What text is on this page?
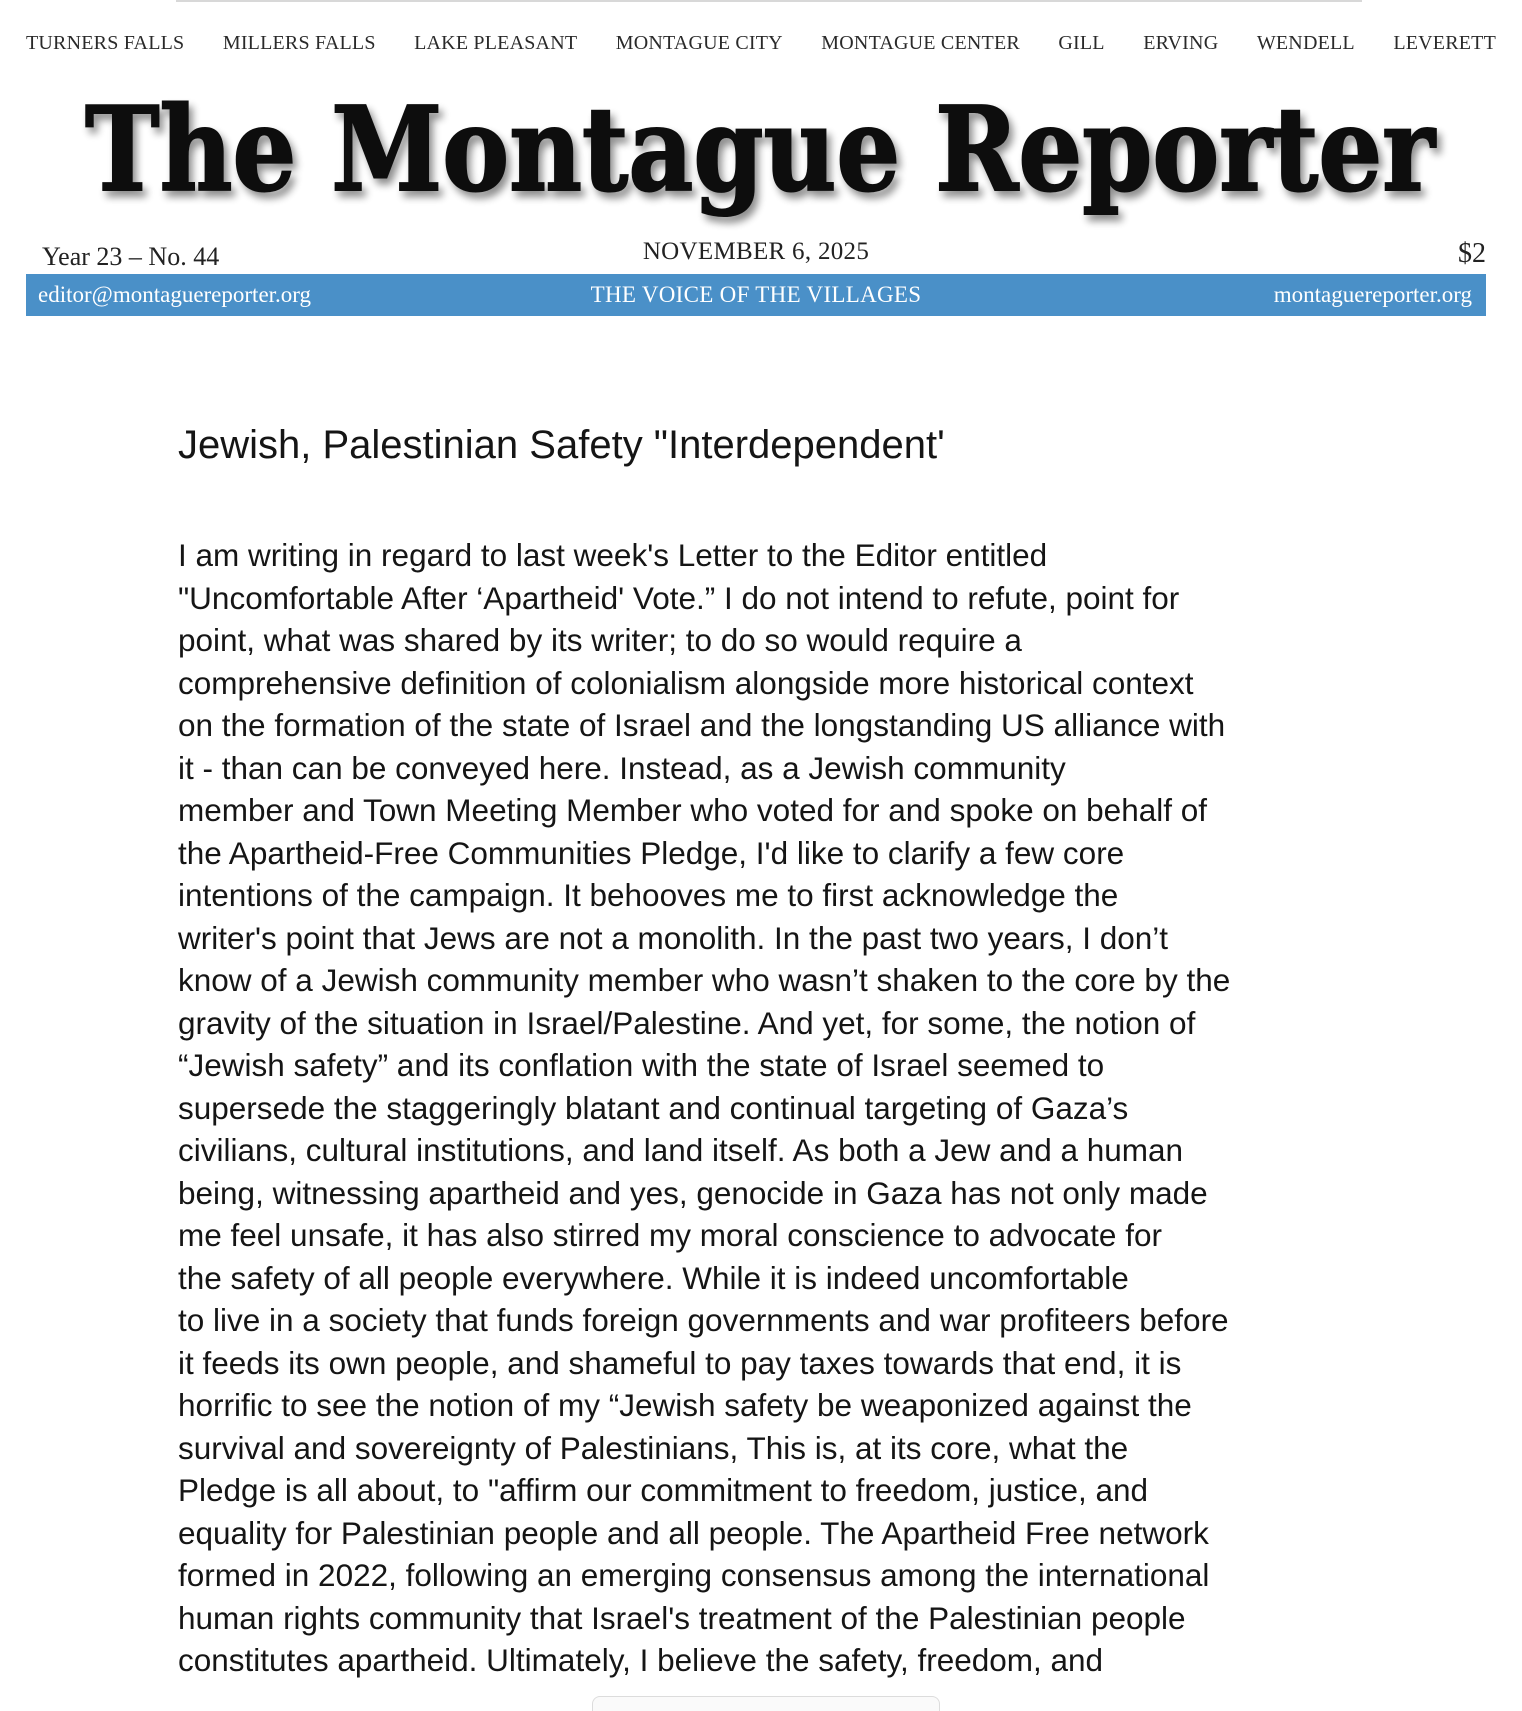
TURNERS FALLS MILLERS FALLS LAKE PLEASANT MONTAGUE CITY MONTAGUE CENTER GILL ERVING WENDELL LEVERETT
The Montague Reporter
Year 23 – No. 44	NOVEMBER 6, 2025	$2
editor@montaguereporter.org	THE VOICE OF THE VILLAGES	montaguereporter.org
Jewish, Palestinian Safety "Interdependent'
I am writing in regard to last week's Letter to the Editor entitled
"Uncomfortable After ‘Apartheid' Vote.” I do not intend to refute, point for
point, what was shared by its writer; to do so would require a
comprehensive definition of colonialism alongside more historical context
on the formation of the state of Israel and the longstanding US alliance with
it - than can be conveyed here. Instead, as a Jewish community
member and Town Meeting Member who voted for and spoke on behalf of
the Apartheid-Free Communities Pledge, I'd like to clarify a few core
intentions of the campaign. It behooves me to first acknowledge the
writer's point that Jews are not a monolith. In the past two years, I don’t
know of a Jewish community member who wasn’t shaken to the core by the
gravity of the situation in Israel/Palestine. And yet, for some, the notion of
“Jewish safety” and its conflation with the state of Israel seemed to
supersede the staggeringly blatant and continual targeting of Gaza’s
civilians, cultural institutions, and land itself. As both a Jew and a human
being, witnessing apartheid and yes, genocide in Gaza has not only made
me feel unsafe, it has also stirred my moral conscience to advocate for
the safety of all people everywhere. While it is indeed uncomfortable
to live in a society that funds foreign governments and war profiteers before
it feeds its own people, and shameful to pay taxes towards that end, it is
horrific to see the notion of my “Jewish safety be weaponized against the
survival and sovereignty of Palestinians, This is, at its core, what the
Pledge is all about, to "affirm our commitment to freedom, justice, and
equality for Palestinian people and all people. The Apartheid Free network
formed in 2022, following an emerging consensus among the international
human rights community that Israel's treatment of the Palestinian people
constitutes apartheid. Ultimately, I believe the safety, freedom, and
